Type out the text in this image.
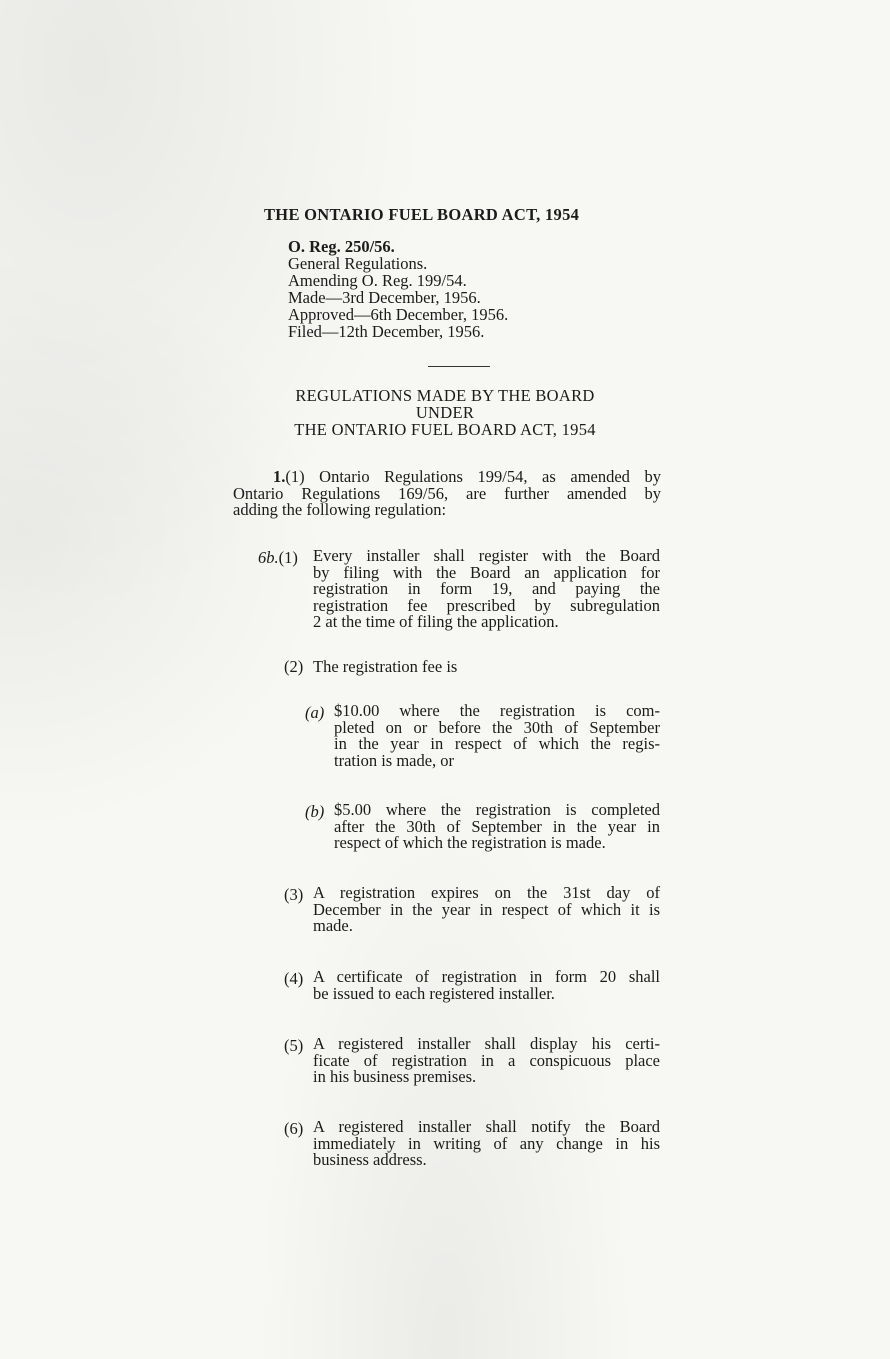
THE ONTARIO FUEL BOARD ACT, 1954
O. Reg. 250/56.
General Regulations.
Amending O. Reg. 199/54.
Made—3rd December, 1956.
Approved—6th December, 1956.
Filed—12th December, 1956.
REGULATIONS MADE BY THE BOARD
UNDER
THE ONTARIO FUEL BOARD ACT, 1954
1.(1) Ontario Regulations 199/54, as amended by
Ontario Regulations 169/56, are further amended by
adding the following regulation:
6b.(1) Every installer shall register with the Board
by filing with the Board an application for
registration in form 19, and paying the
registration fee prescribed by subregulation
2 at the time of filing the application.
(2) The registration fee is
(a) $10.00 where the registration is com-
pleted on or before the 30th of September
in the year in respect of which the regis-
tration is made, or
(b) $5.00 where the registration is completed
after the 30th of September in the year in
respect of which the registration is made.
(3) A registration expires on the 31st day of
December in the year in respect of which it is
made.
(4) A certificate of registration in form 20 shall
be issued to each registered installer.
(5) A registered installer shall display his certi-
ficate of registration in a conspicuous place
in his business premises.
(6) A registered installer shall notify the Board
immediately in writing of any change in his
business address.
